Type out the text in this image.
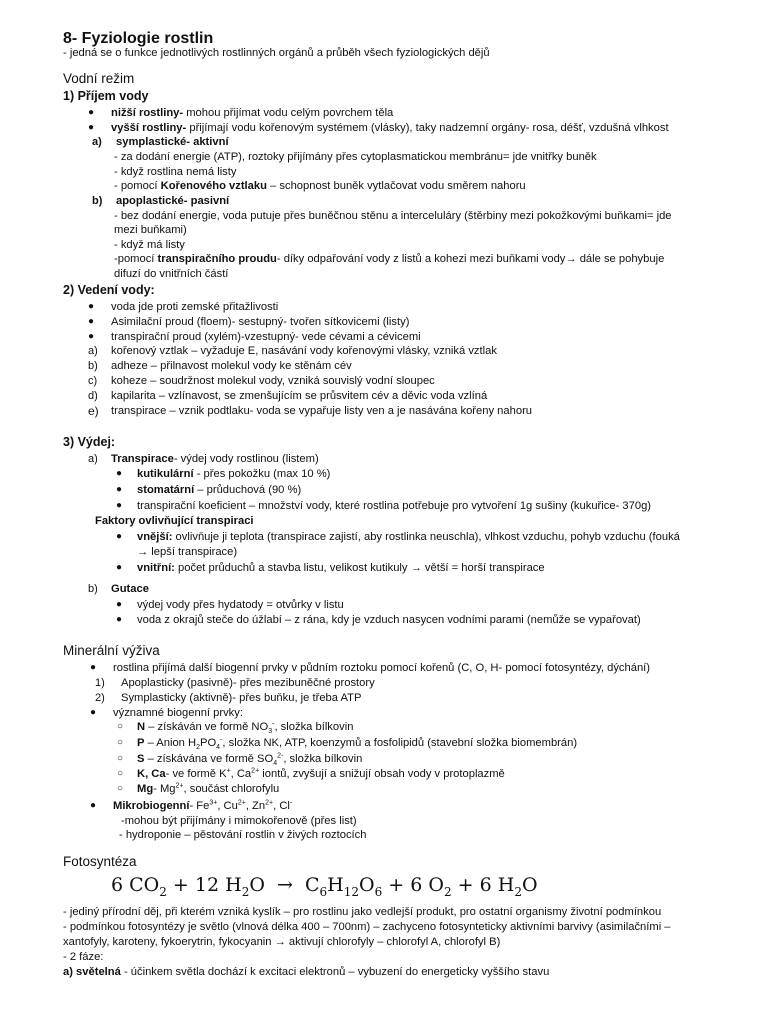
8- Fyziologie rostlin
- jedná se o funkce jednotlivých rostlinných orgánů a průběh všech fyziologických dějů
Vodní režim
1) Příjem vody
● nižší rostliny- mohou přijímat vodu celým povrchem těla
● vyšší rostliny- přijímají vodu kořenovým systémem (vlásky), taky nadzemní orgány- rosa, déšť, vzdušná vlhkost
a) symplastické- aktivní
- za dodání energie (ATP), roztoky přijímány přes cytoplasmatickou membránu= jde vnitřky buněk
- když rostlina nemá listy
- pomocí Kořenového vztlaku – schopnost buněk vytlačovat vodu směrem nahoru
b) apoplastické- pasivní
- bez dodání energie, voda putuje přes buněčnou stěnu a interceluláry (štěrbiny mezi pokožkovými buňkami= jde
mezi buňkami)
- když má listy
-pomocí transpiračního proudu- díky odpařování vody z listů a kohezi mezi buňkami vody→ dále se pohybuje
difuzí do vnitřních částí
2) Vedení vody:
● voda jde proti zemské přitažlivosti
● Asimilační proud (floem)- sestupný- tvořen sítkovicemi (listy)
● transpirační proud (xylém)-vzestupný- vede cévami a cévicemi
a) kořenový vztlak – vyžaduje E, nasávání vody kořenovými vlásky, vzniká vztlak
b) adheze – přilnavost molekul vody ke stěnám cév
c) koheze – soudržnost molekul vody, vzniká souvislý vodní sloupec
d) kapilarita – vzlínavost, se zmenšujícím se průsvitem cév a děvic voda vzlíná
e) transpirace – vznik podtlaku- voda se vypařuje listy ven a je nasávána kořeny nahoru
3) Výdej:
a) Transpirace- výdej vody rostlinou (listem)
● kutikulární - přes pokožku (max 10 %)
● stomatární – průduchová (90 %)
● transpirační koeficient – množství vody, které rostlina potřebuje pro vytvoření 1g sušiny (kukuřice- 370g)
Faktory ovlivňující transpiraci
● vnější: ovlivňuje ji teplota (transpirace zajistí, aby rostlinka neuschla), vlhkost vzduchu, pohyb vzduchu (fouká
→ lepší transpirace)
● vnitřní: počet průduchů a stavba listu, velikost kutikuly → větší = horší transpirace
b) Gutace
● výdej vody přes hydatody = otvůrky v listu
● voda z okrajů steče do úžlabí – z rána, kdy je vzduch nasycen vodními parami (nemůže se vypařovat)
Minerální výživa
● rostlina přijímá další biogenní prvky v půdním roztoku pomocí kořenů (C, O, H- pomocí fotosyntézy, dýchání)
1) Apoplasticky (pasivně)- přes mezibuněčné prostory
2) Symplasticky (aktivně)- přes buňku, je třeba ATP
● významné biogenní prvky:
○ N – získáván ve formě $NO_3^-$, složka bílkovin
○ P – Anion $H_2PO_4^-$, složka NK, ATP, koenzymů a fosfolipidů (stavební složka biomembrán)
○ S – získávána ve formě $SO_4^{2-}$, složka bílkovin
○ K, Ca- ve formě K+, $Ca^{2+}$ iontů, zvyšují a snižují obsah vody v protoplazmě
○ Mg- $Mg^{2+}$, součást chlorofylu
● Mikrobiogenní- $Fe^{3+}$, $Cu^{2+}$, $Zn^{2+}$, Cl-
-mohou být přijímány i mimokořenově (přes list)
- hydroponie – pěstování rostlin v živých roztocích
Fotosyntéza
6 $CO_2 + 12$ $H_2O \to C_6H_{12}O_6 + 6$ $O_2 + 6$ $H_2O$
- jediný přírodní děj, při kterém vzniká kyslík – pro rostlinu jako vedlejší produkt, pro ostatní organismy životní podmínkou
- podmínkou fotosyntézy je světlo (vlnová délka 400 – 700nm) – zachyceno fotosynteticky aktivními barvivy (asimilačními –
xantofyly, karoteny, fykoerytrin, fykocyanin → aktivují chlorofyly – chlorofyl A, chlorofyl B)
- 2 fáze:
a) světelná - účinkem světla dochází k excitaci elektronů – vybuzení do energeticky vyššího stavu
